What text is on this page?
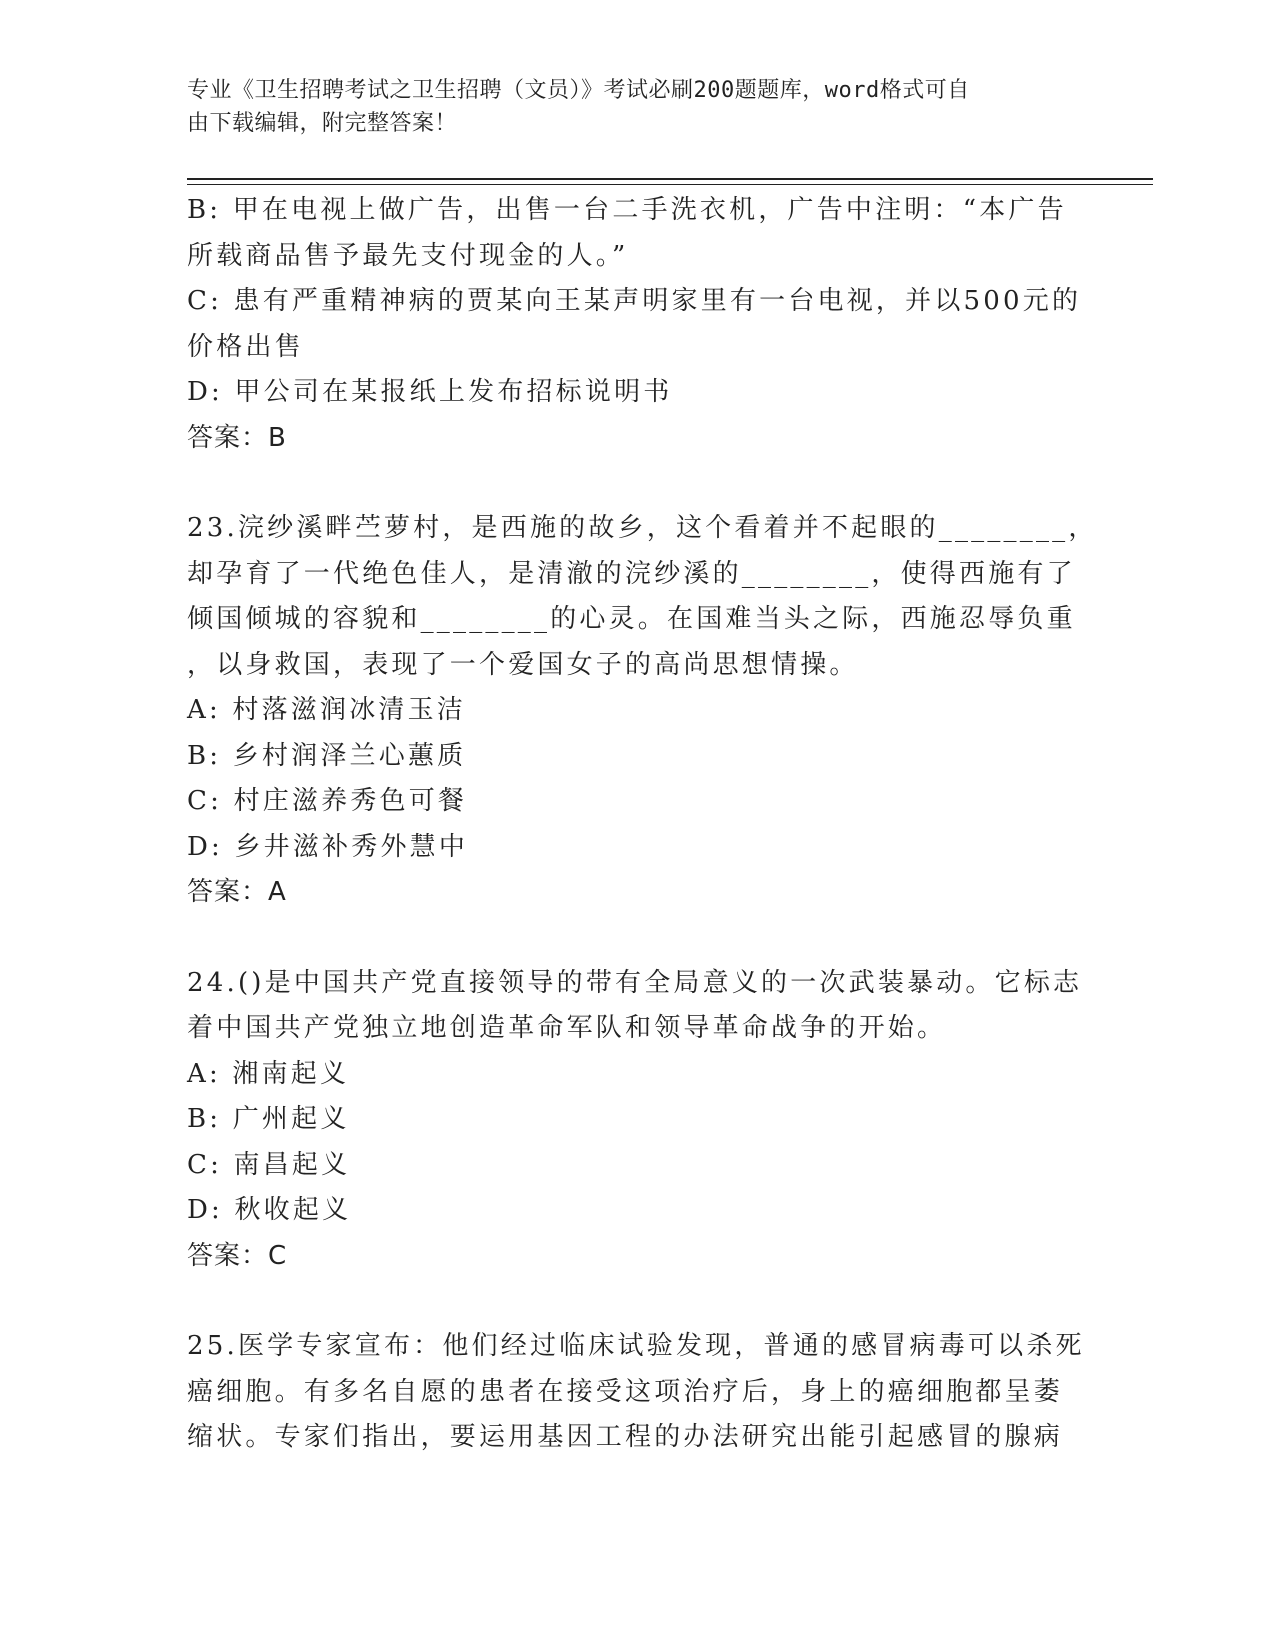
专业《卫生招聘考试之卫生招聘（文员）》考试必刷200题题库，word格式可自
由下载编辑，附完整答案！
B: 甲在电视上做广告，出售一台二手洗衣机，广告中注明：“本广告
所载商品售予最先支付现金的人。”
C: 患有严重精神病的贾某向王某声明家里有一台电视，并以500元的
价格出售
D: 甲公司在某报纸上发布招标说明书
答案：B
23.浣纱溪畔苎萝村，是西施的故乡，这个看着并不起眼的________，
却孕育了一代绝色佳人，是清澈的浣纱溪的________，使得西施有了
倾国倾城的容貌和________的心灵。在国难当头之际，西施忍辱负重
，以身救国，表现了一个爱国女子的高尚思想情操。
A: 村落滋润冰清玉洁
B: 乡村润泽兰心蕙质
C: 村庄滋养秀色可餐
D: 乡井滋补秀外慧中
答案：A
24.()是中国共产党直接领导的带有全局意义的一次武装暴动。它标志
着中国共产党独立地创造革命军队和领导革命战争的开始。
A: 湘南起义
B: 广州起义
C: 南昌起义
D: 秋收起义
答案：C
25.医学专家宣布：他们经过临床试验发现，普通的感冒病毒可以杀死
癌细胞。有多名自愿的患者在接受这项治疗后，身上的癌细胞都呈萎
缩状。专家们指出，要运用基因工程的办法研究出能引起感冒的腺病
